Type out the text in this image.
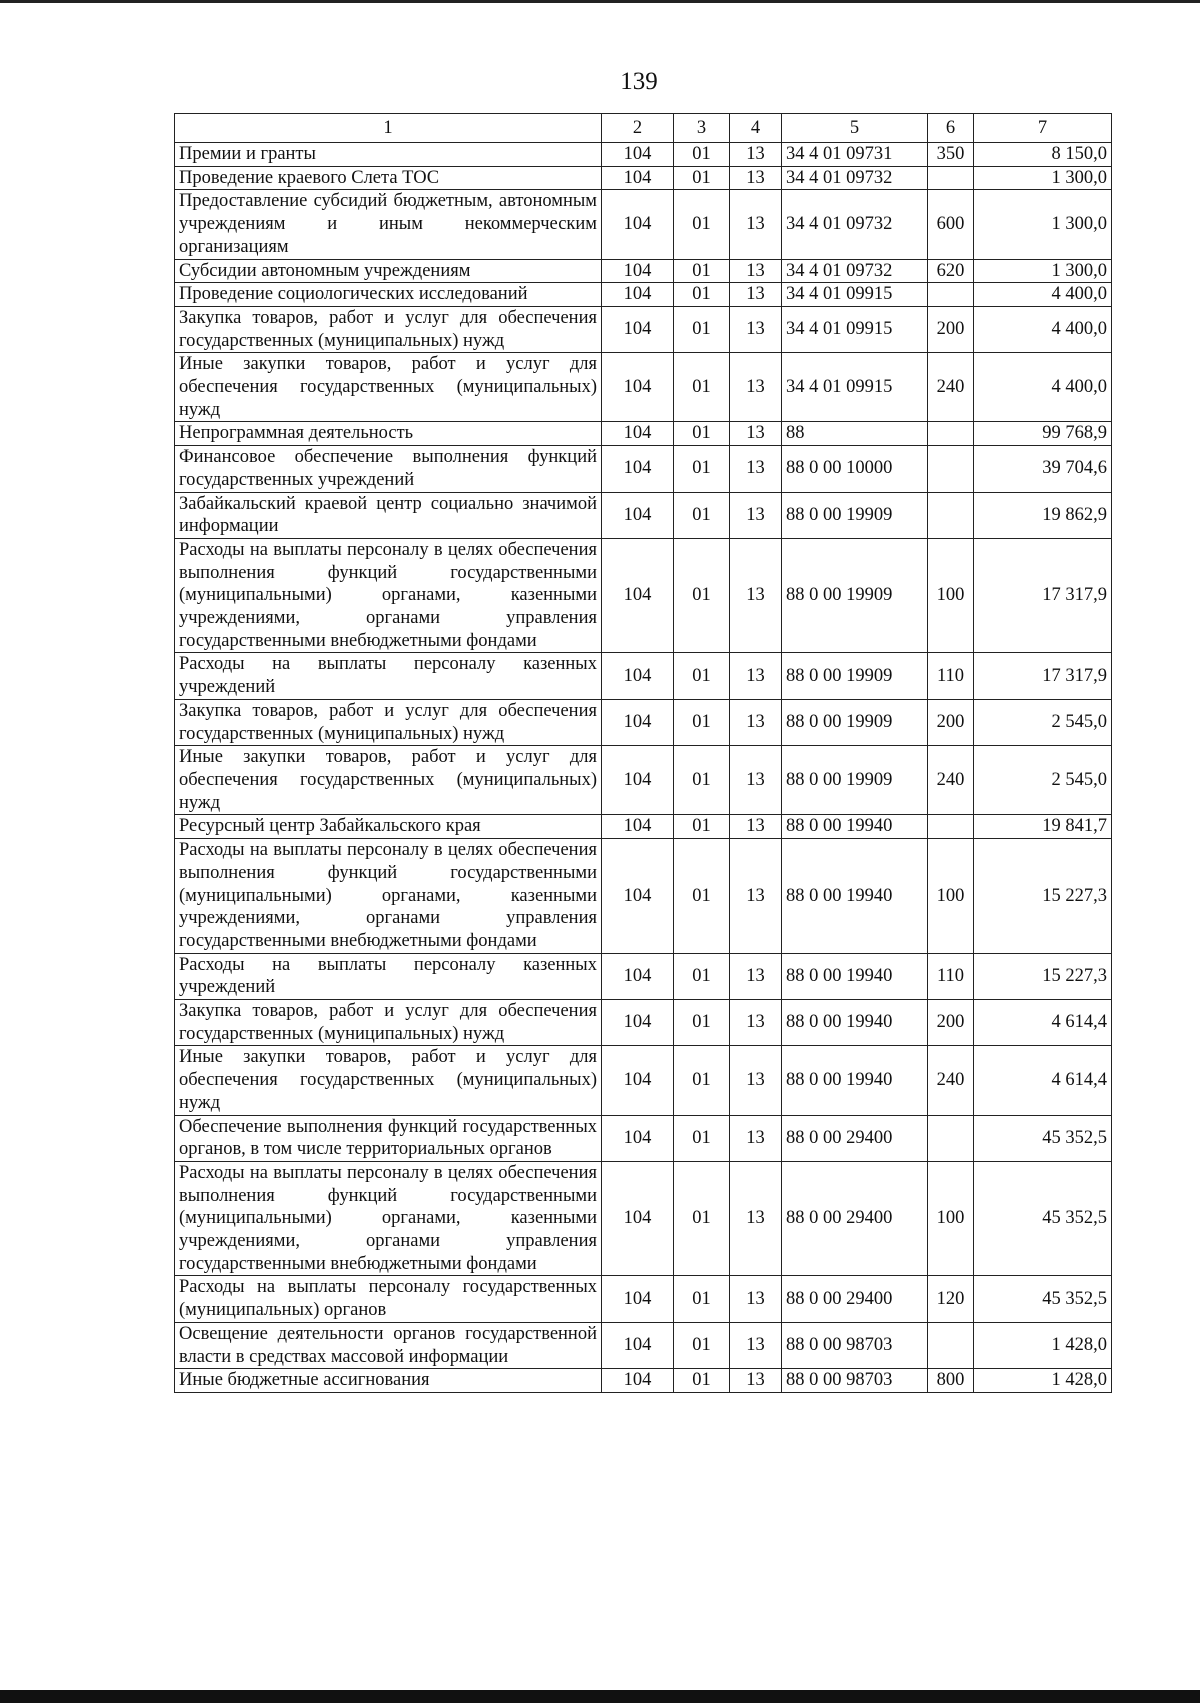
139
1	2	3	4	5	6	7
Премии и гранты	104	01	13	34 4 01 09731	350	8 150,0
Проведение краевого Слета ТОС	104	01	13	34 4 01 09732		1 300,0
Предоставление субсидий бюджетным, автономным учреждениям и иным некоммерческим организациям	104	01	13	34 4 01 09732	600	1 300,0
Субсидии автономным учреждениям	104	01	13	34 4 01 09732	620	1 300,0
Проведение социологических исследований	104	01	13	34 4 01 09915		4 400,0
Закупка товаров, работ и услуг для обеспечения государственных (муниципальных) нужд	104	01	13	34 4 01 09915	200	4 400,0
Иные закупки товаров, работ и услуг для обеспечения государственных (муниципальных) нужд	104	01	13	34 4 01 09915	240	4 400,0
Непрограммная деятельность	104	01	13	88		99 768,9
Финансовое обеспечение выполнения функций государственных учреждений	104	01	13	88 0 00 10000		39 704,6
Забайкальский краевой центр социально значимой информации	104	01	13	88 0 00 19909		19 862,9
Расходы на выплаты персоналу в целях обеспечения выполнения функций государственными (муниципальными) органами, казенными учреждениями, органами управления государственными внебюджетными фондами	104	01	13	88 0 00 19909	100	17 317,9
Расходы на выплаты персоналу казенных учреждений	104	01	13	88 0 00 19909	110	17 317,9
Закупка товаров, работ и услуг для обеспечения государственных (муниципальных) нужд	104	01	13	88 0 00 19909	200	2 545,0
Иные закупки товаров, работ и услуг для обеспечения государственных (муниципальных) нужд	104	01	13	88 0 00 19909	240	2 545,0
Ресурсный центр Забайкальского края	104	01	13	88 0 00 19940		19 841,7
Расходы на выплаты персоналу в целях обеспечения выполнения функций государственными (муниципальными) органами, казенными учреждениями, органами управления государственными внебюджетными фондами	104	01	13	88 0 00 19940	100	15 227,3
Расходы на выплаты персоналу казенных учреждений	104	01	13	88 0 00 19940	110	15 227,3
Закупка товаров, работ и услуг для обеспечения государственных (муниципальных) нужд	104	01	13	88 0 00 19940	200	4 614,4
Иные закупки товаров, работ и услуг для обеспечения государственных (муниципальных) нужд	104	01	13	88 0 00 19940	240	4 614,4
Обеспечение выполнения функций государственных органов, в том числе территориальных органов	104	01	13	88 0 00 29400		45 352,5
Расходы на выплаты персоналу в целях обеспечения выполнения функций государственными (муниципальными) органами, казенными учреждениями, органами управления государственными внебюджетными фондами	104	01	13	88 0 00 29400	100	45 352,5
Расходы на выплаты персоналу государственных (муниципальных) органов	104	01	13	88 0 00 29400	120	45 352,5
Освещение деятельности органов государственной власти в средствах массовой информации	104	01	13	88 0 00 98703		1 428,0
Иные бюджетные ассигнования	104	01	13	88 0 00 98703	800	1 428,0
